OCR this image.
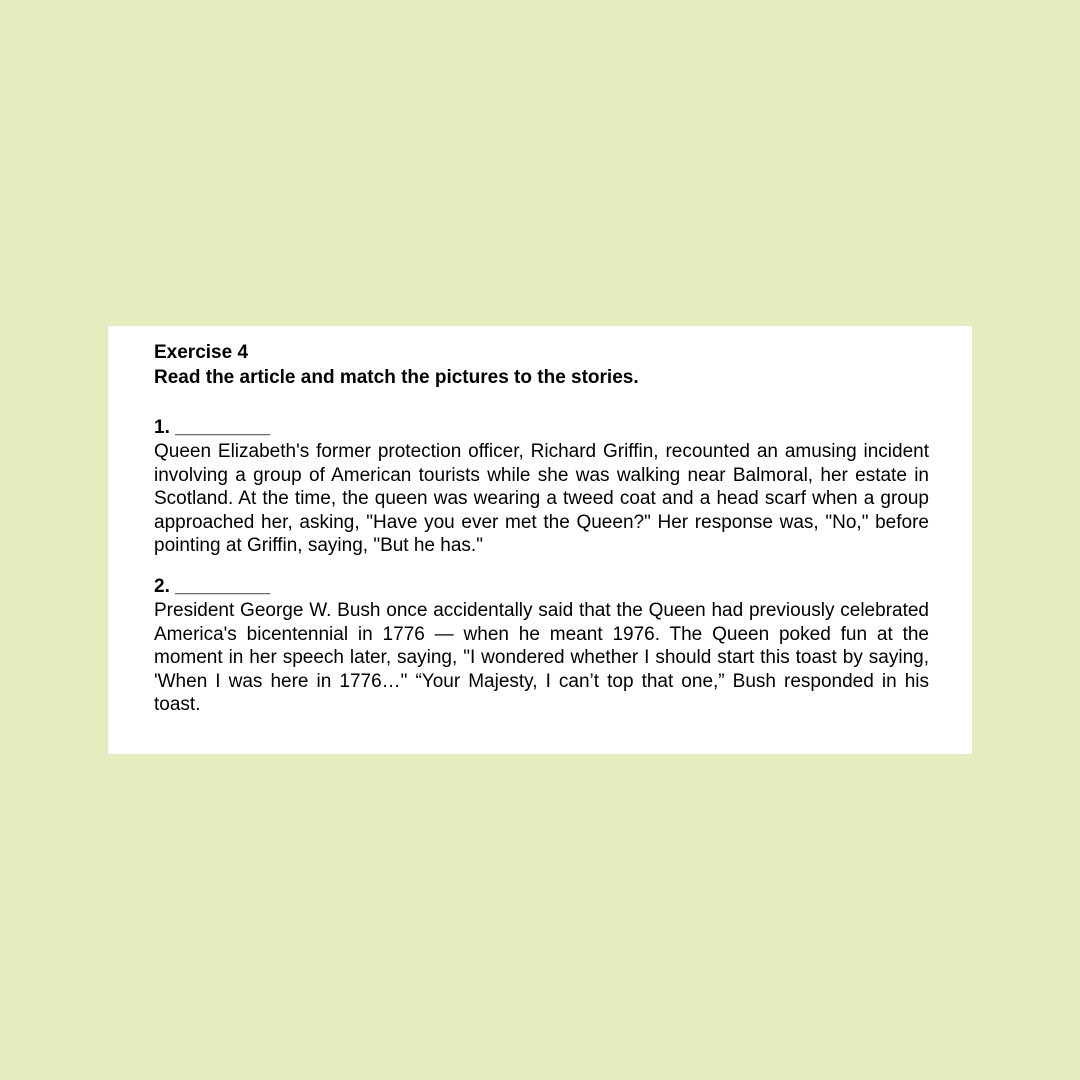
Exercise 4

Read the article and match the pictures to the stories.

1. _________

Queen Elizabeth's former protection officer, Richard Griffin, recounted an amusing incident involving a group of American tourists while she was walking near Balmoral, her estate in Scotland. At the time, the queen was wearing a tweed coat and a head scarf when a group approached her, asking, "Have you ever met the Queen?" Her response was, "No," before pointing at Griffin, saying, "But he has."

2. _________

President George W. Bush once accidentally said that the Queen had previously celebrated America's bicentennial in 1776 — when he meant 1976. The Queen poked fun at the moment in her speech later, saying, "I wondered whether I should start this toast by saying, 'When I was here in 1776…" “Your Majesty, I can’t top that one,” Bush responded in his toast.
